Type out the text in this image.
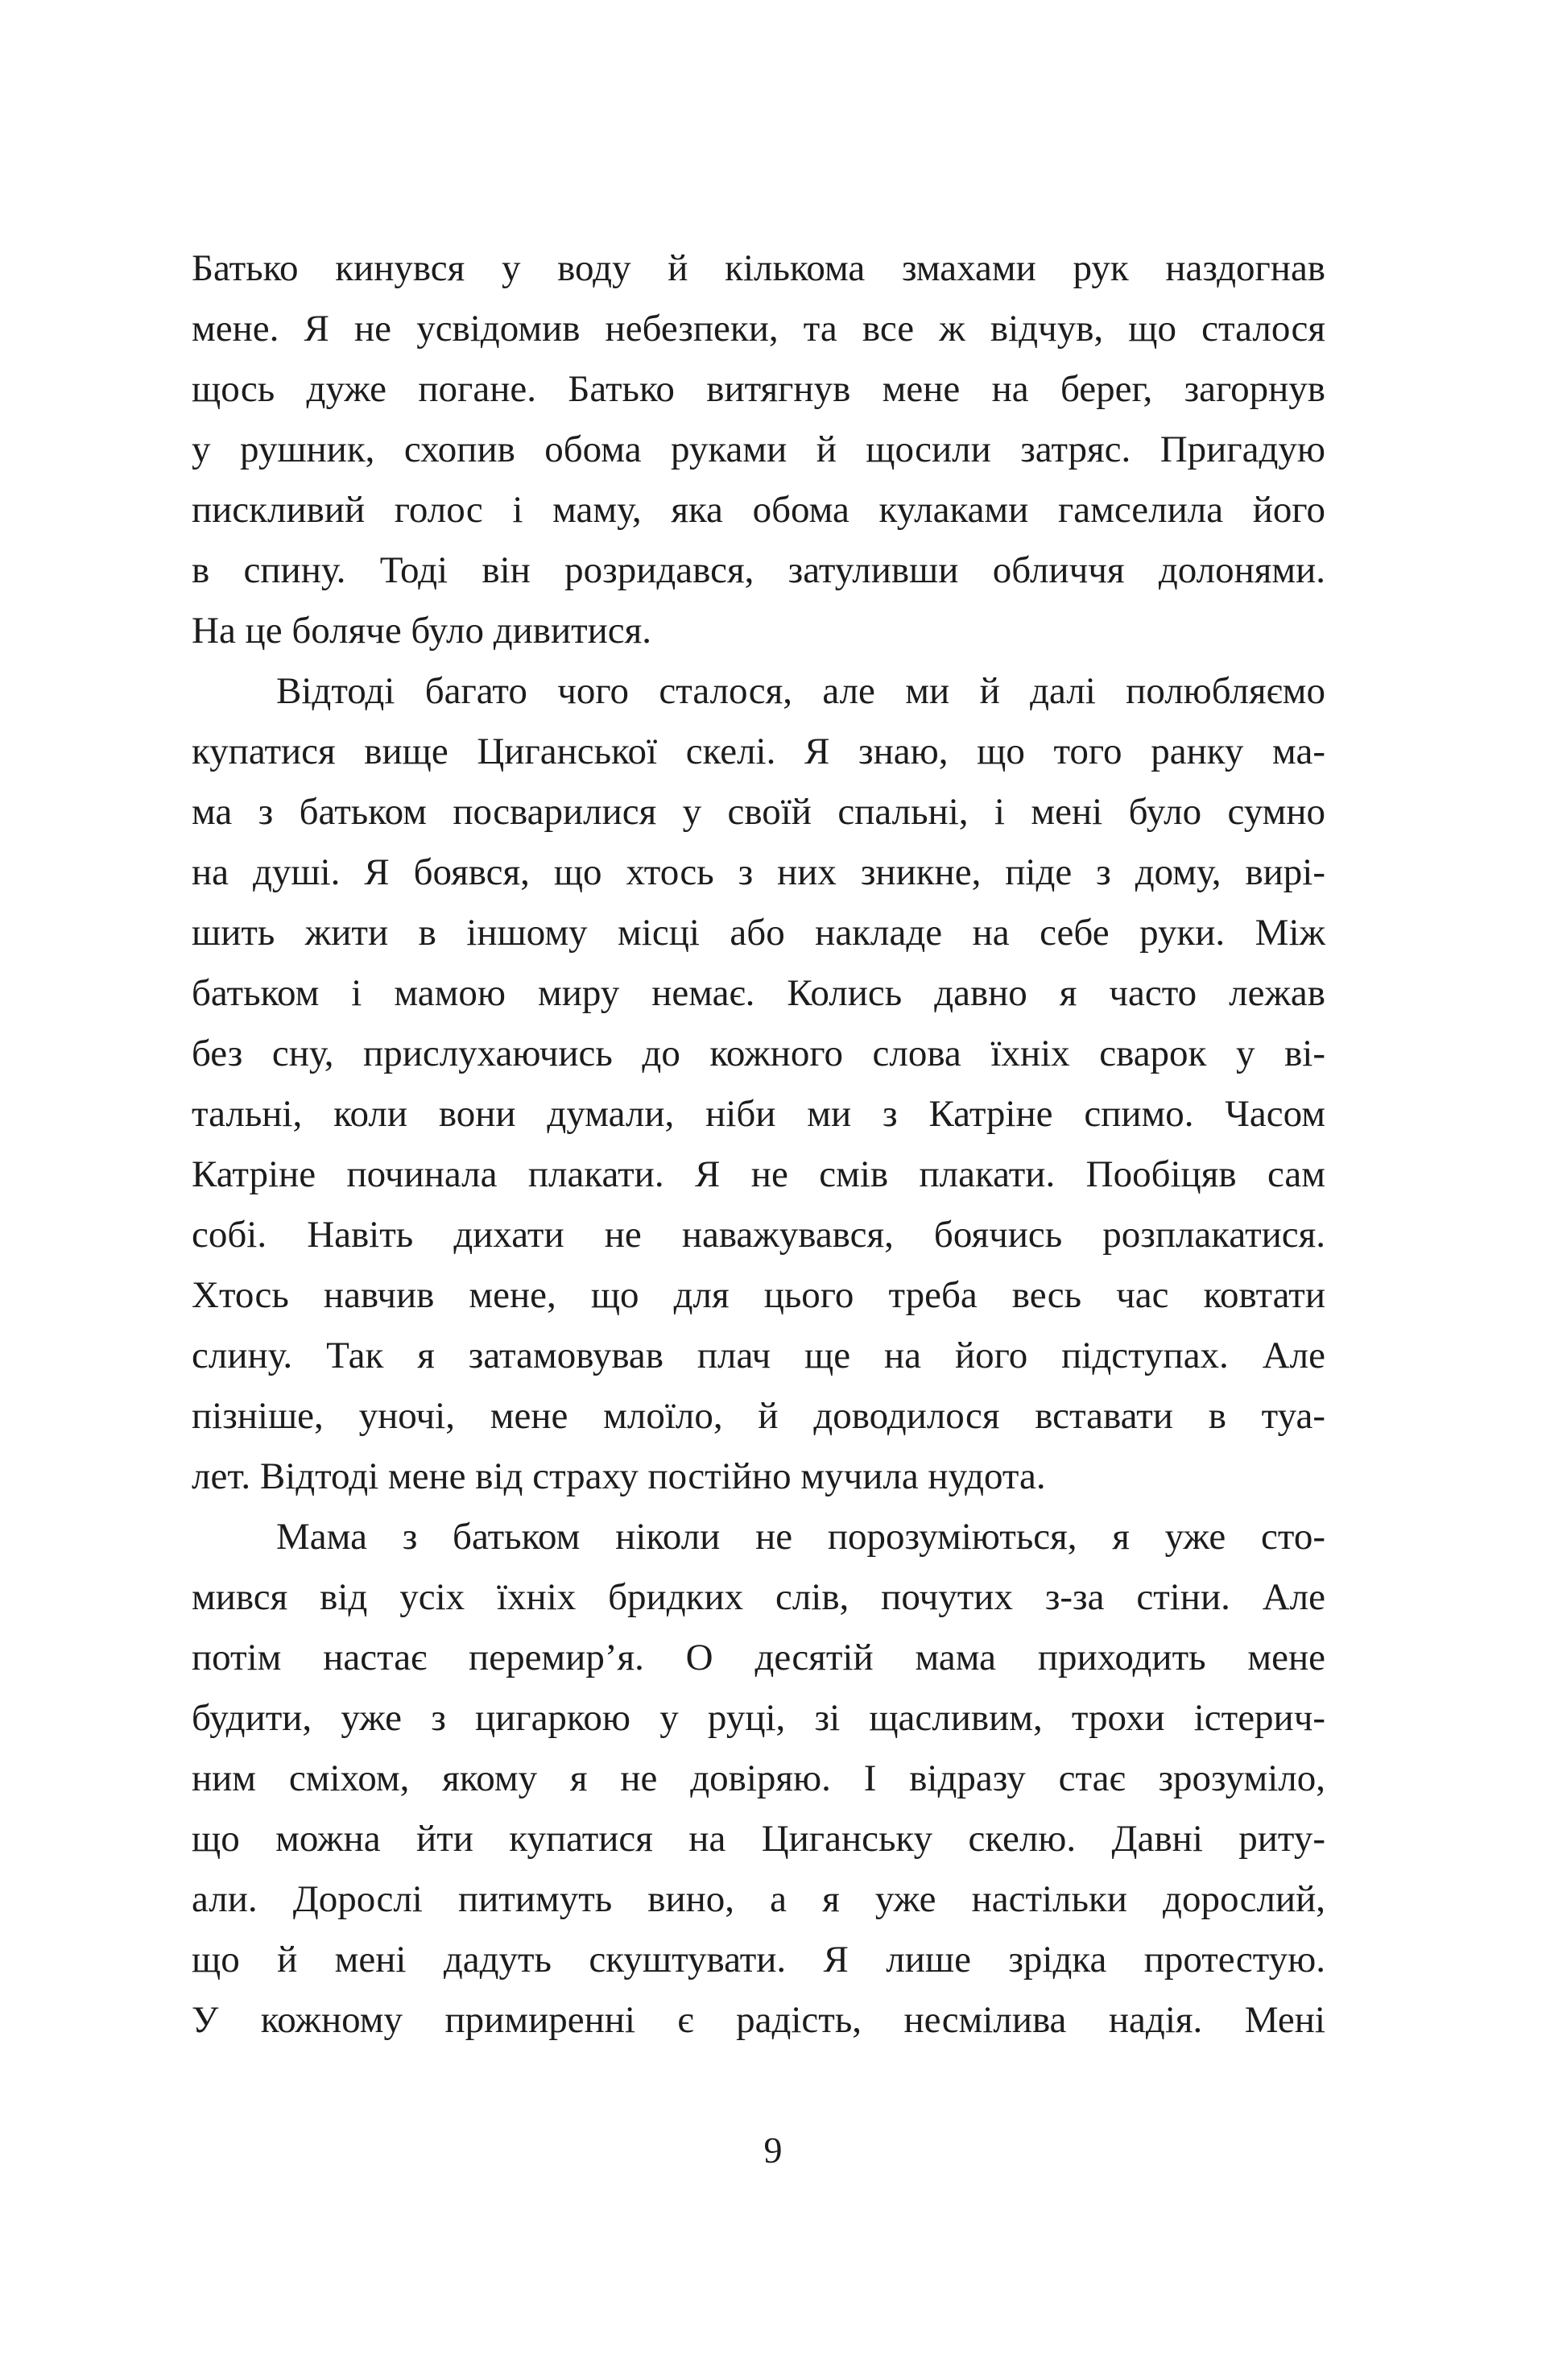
Батько кинувся у воду й кількома змахами рук наздогнав
мене. Я не усвідомив небезпеки, та все ж відчув, що сталося
щось дуже погане. Батько витягнув мене на берег, загорнув
у рушник, схопив обома руками й щосили затряс. Пригадую
пискливий голос і маму, яка обома кулаками гамселила його
в спину. Тоді він розридався, затуливши обличчя долонями.
На це боляче було дивитися.
Відтоді багато чого сталося, але ми й далі полюбляємо
купатися вище Циганської скелі. Я знаю, що того ранку ма-
ма з батьком посварилися у своїй спальні, і мені було сумно
на душі. Я боявся, що хтось з них зникне, піде з дому, вирі-
шить жити в іншому місці або накладе на себе руки. Між
батьком і мамою миру немає. Колись давно я часто лежав
без сну, прислухаючись до кожного слова їхніх сварок у ві-
тальні, коли вони думали, ніби ми з Катріне спимо. Часом
Катріне починала плакати. Я не смів плакати. Пообіцяв сам
собі. Навіть дихати не наважувався, боячись розплакатися.
Хтось навчив мене, що для цього треба весь час ковтати
слину. Так я затамовував плач ще на його підступах. Але
пізніше, уночі, мене млоїло, й доводилося вставати в туа-
лет. Відтоді мене від страху постійно мучила нудота.
Мама з батьком ніколи не порозуміються, я уже сто-
мився від усіх їхніх бридких слів, почутих з-за стіни. Але
потім настає перемир’я. О десятій мама приходить мене
будити, уже з цигаркою у руці, зі щасливим, трохи істерич-
ним сміхом, якому я не довіряю. І відразу стає зрозуміло,
що можна йти купатися на Циганську скелю. Давні риту-
али. Дорослі питимуть вино, а я уже настільки дорослий,
що й мені дадуть скуштувати. Я лише зрідка протестую.
У кожному примиренні є радість, несмілива надія. Мені
9
